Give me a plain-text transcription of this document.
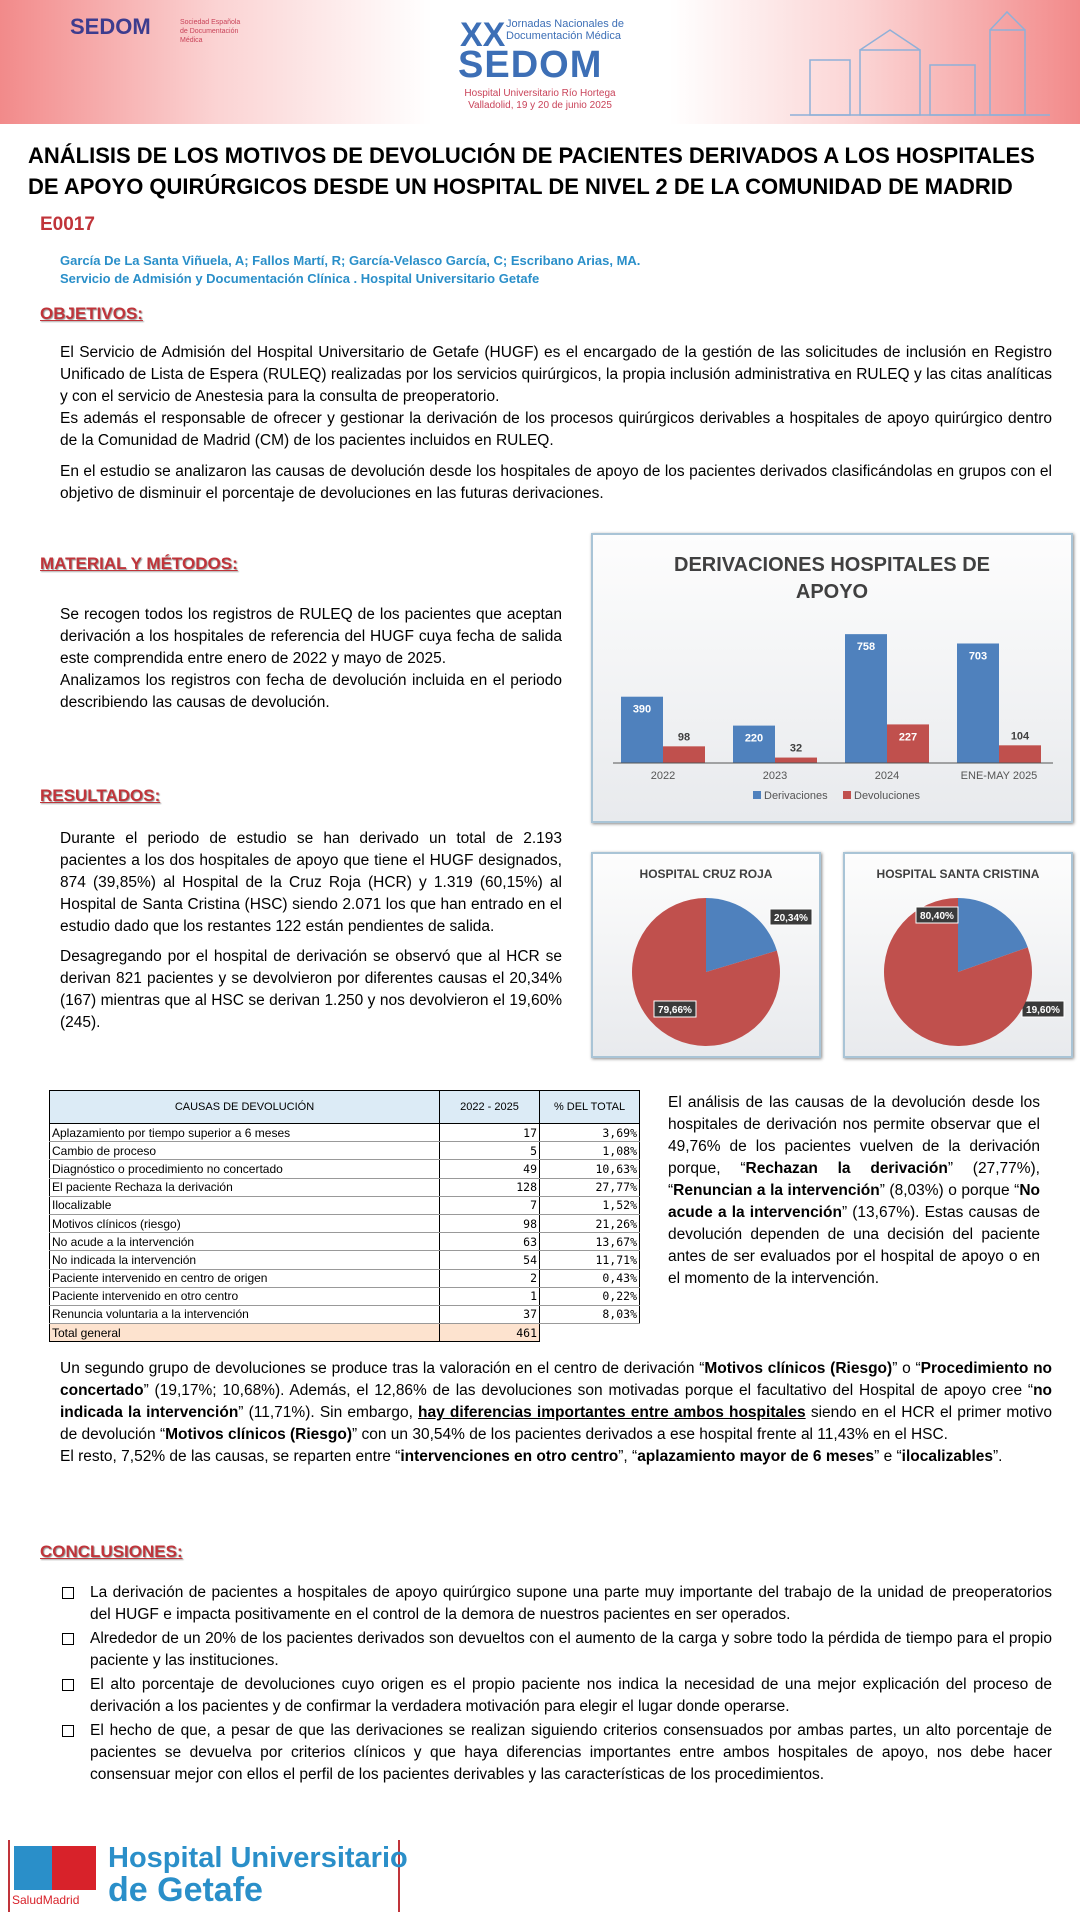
SEDOM	Sociedad Española de Documentación Médica	XX Jornadas Nacionales de Documentación Médica
SEDOM
Hospital Universitario Río Hortega
Valladolid, 19 y 20 de junio 2025
ANÁLISIS DE LOS MOTIVOS DE DEVOLUCIÓN DE PACIENTES DERIVADOS A LOS HOSPITALES DE APOYO QUIRÚRGICOS DESDE UN HOSPITAL DE NIVEL 2 DE LA COMUNIDAD DE MADRID
E0017
García De La Santa Viñuela, A; Fallos Martí, R; García-Velasco García, C; Escribano Arias, MA.
Servicio de Admisión y Documentación Clínica . Hospital Universitario Getafe
OBJETIVOS:
El Servicio de Admisión del Hospital Universitario de Getafe (HUGF) es el encargado de la gestión de las solicitudes de inclusión en Registro Unificado de Lista de Espera (RULEQ) realizadas por los servicios quirúrgicos, la propia inclusión administrativa en RULEQ y las citas analíticas y con el servicio de Anestesia para la consulta de preoperatorio.
Es además el responsable de ofrecer y gestionar la derivación de los procesos quirúrgicos derivables a hospitales de apoyo quirúrgico dentro de la Comunidad de Madrid (CM) de los pacientes incluidos en RULEQ.
En el estudio se analizaron las causas de devolución desde los hospitales de apoyo de los pacientes derivados clasificándolas en grupos con el objetivo de disminuir el porcentaje de devoluciones en las futuras derivaciones.
MATERIAL Y MÉTODOS:
Se recogen todos los registros de RULEQ de los pacientes que aceptan derivación a los hospitales de referencia del HUGF cuya fecha de salida este comprendida entre enero de 2022 y mayo de 2025.
Analizamos los registros con fecha de devolución incluida en el periodo describiendo las causas de devolución.
RESULTADOS:
Durante el periodo de estudio se han derivado un total de 2.193 pacientes a los dos hospitales de apoyo que tiene el HUGF designados, 874 (39,85%) al Hospital de la Cruz Roja (HCR) y 1.319 (60,15%) al Hospital de Santa Cristina (HSC) siendo 2.071 los que han entrado en el estudio dado que los restantes 122 están pendientes de salida.
Desagregando por el hospital de derivación se observó que al HCR se derivan 821 pacientes y se devolvieron por diferentes causas el 20,34% (167) mientras que al HSC se derivan 1.250 y nos devolvieron el 19,60% (245).
DERIVACIONES HOSPITALES DE
APOYO
390
98
2022
220
32
2023
758
227
2024
703
104
ENE-MAY 2025
Derivaciones Devoluciones
HOSPITAL CRUZ ROJA
20,34%
79,66%
HOSPITAL SANTA CRISTINA
19,60%
80,40%
CAUSAS DE DEVOLUCIÓN	2022 - 2025	% DEL TOTAL
Aplazamiento por tiempo superior a 6 meses	17	3,69%
Cambio de proceso	5	1,08%
Diagnóstico o procedimiento no concertado	49	10,63%
El paciente Rechaza la derivación	128	27,77%
Ilocalizable	7	1,52%
Motivos clínicos (riesgo)	98	21,26%
No acude a la intervención	63	13,67%
No indicada la intervención	54	11,71%
Paciente intervenido en centro de origen	2	0,43%
Paciente intervenido en otro centro	1	0,22%
Renuncia voluntaria a la intervención	37	8,03%
Total general	461	
El análisis de las causas de la devolución desde los hospitales de derivación nos permite observar que el 49,76% de los pacientes vuelven de la derivación porque, “Rechazan la derivación” (27,77%), “Renuncian a la intervención” (8,03%) o porque “No acude a la intervención” (13,67%). Estas causas de devolución dependen de una decisión del paciente antes de ser evaluados por el hospital de apoyo o en el momento de la intervención.
Un segundo grupo de devoluciones se produce tras la valoración en el centro de derivación “Motivos clínicos (Riesgo)” o “Procedimiento no concertado” (19,17%; 10,68%). Además, el 12,86% de las devoluciones son motivadas porque el facultativo del Hospital de apoyo cree “no indicada la intervención” (11,71%). Sin embargo, hay diferencias importantes entre ambos hospitales siendo en el HCR el primer motivo de devolución “Motivos clínicos (Riesgo)” con un 30,54% de los pacientes derivados a ese hospital frente al 11,43% en el HSC.
El resto, 7,52% de las causas, se reparten entre “intervenciones en otro centro”, “aplazamiento mayor de 6 meses” e “ilocalizables”.
CONCLUSIONES:
La derivación de pacientes a hospitales de apoyo quirúrgico supone una parte muy importante del trabajo de la unidad de preoperatorios del HUGF e impacta positivamente en el control de la demora de nuestros pacientes en ser operados.
Alrededor de un 20% de los pacientes derivados son devueltos con el aumento de la carga y sobre todo la pérdida de tiempo para el propio paciente y las instituciones.
El alto porcentaje de devoluciones cuyo origen es el propio paciente nos indica la necesidad de una mejor explicación del proceso de derivación a los pacientes y de confirmar la verdadera motivación para elegir el lugar donde operarse.
El hecho de que, a pesar de que las derivaciones se realizan siguiendo criterios consensuados por ambas partes, un alto porcentaje de pacientes se devuelva por criterios clínicos y que haya diferencias importantes entre ambos hospitales de apoyo, nos debe hacer consensuar mejor con ellos el perfil de los pacientes derivables y las características de los procedimientos.
SaludMadrid
Hospital Universitario
de Getafe
